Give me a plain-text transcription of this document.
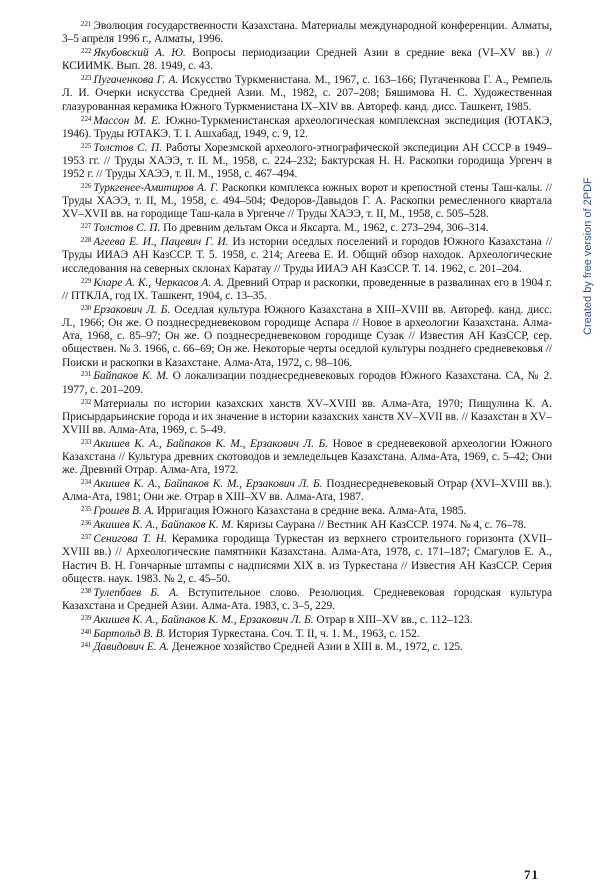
$^{221}$ Эволюция государственности Казахстана. Материалы международной конференции. Алматы, 3–5 апреля 1996 г., Алматы, 1996.

$^{222}$ Якубовский А. Ю. Вопросы периодизации Средней Азии в средние века (VI–XV вв.) // КСИИМК. Вып. 28. 1949, с. 43.

$^{223}$ Пугаченкова Г. А. Искусство Туркменистана. М., 1967, с. 163–166; Пугаченкова Г. А., Ремпель Л. И. Очерки искусства Средней Азии. М., 1982, с. 207–208; Бяшимова Н. С. Художественная глазурованная керамика Южного Туркменистана IX–XIV вв. Автореф. канд. дисс. Ташкент, 1985.

$^{224}$ Массон М. Е. Южно-Туркменистанская археологическая комплексная экспедиция (ЮТАКЭ, 1946). Труды ЮТАКЭ. Т. I. Ашхабад, 1949, с. 9, 12.

$^{225}$ Толстов С. П. Работы Хорезмской археолого-этнографической экспедиции АН СССР в 1949–1953 гг. // Труды ХАЭЭ, т. II. М., 1958, с. 224–232; Бактурская Н. Н. Раскопки городища Ургенч в 1952 г. // Труды ХАЭЭ, т. II. М., 1958, с. 467–494.

$^{226}$ Туркгенее-Амитиров А. Г. Раскопки комплекса южных ворот и крепостной стены Таш-калы. // Труды ХАЭЭ, т. II, М., 1958, с. 494–504; Федоров-Давыдов Г. А. Раскопки ремесленного квартала XV–XVII вв. на городище Таш-кала в Ургенче // Труды ХАЭЭ, т. II, М., 1958, с. 505–528.

$^{227}$ Толстов С. П. По древним дельтам Окса и Яксарта. М., 1962, с. 273–294, 306–314.

$^{228}$ Агеева Е. И., Пацевич Г. И. Из истории оседлых поселений и городов Южного Казахстана // Труды ИИАЭ АН КазССР. Т. 5. 1958, с. 214; Агеева Е. И. Общий обзор находок. Археологические исследования на северных склонах Каратау // Труды ИИАЭ АН КазССР. Т. 14. 1962, с. 201–204.

$^{229}$ Кларе А. К., Черкасов А. А. Древний Отрар и раскопки, проведенные в развалинах его в 1904 г. // ПТКЛА, год IX. Ташкент, 1904, с. 13–35.

$^{230}$ Ерзакович Л. Б. Оседлая культура Южного Казахстана в XIII–XVIII вв. Автореф. канд. дисс. Л., 1966; Он же. О позднесредневековом городище Аспара // Новое в археологии Казахстана. Алма-Ата, 1968, с. 85–97; Он же. О позднесредневековом городище Сузак // Известия АН КазССР, сер. обществен. № 3. 1966, с. 66–69; Он же. Некоторые черты оседлой культуры позднего средневековья // Поиски и раскопки в Казахстане. Алма-Ата, 1972, с. 98–106.

$^{231}$ Байпаков К. М. О локализации позднесредневековых городов Южного Казахстана. СА, № 2. 1977, с. 201–209.

$^{232}$ Материалы по истории казахских ханств XV–XVIII вв. Алма-Ата, 1970; Пищулина К. А. Присырдарьинские города и их значение в истории казахских ханств XV–XVII вв. // Казахстан в XV–XVIII вв. Алма-Ата, 1969, с. 5–49.

$^{233}$ Акишев К. А., Байпаков К. М., Ерзакович Л. Б. Новое в средневековой археологии Южного Казахстана // Культура древних скотоводов и земледельцев Казахстана. Алма-Ата, 1969, с. 5–42; Они же. Древний Отрар. Алма-Ата, 1972.

$^{234}$ Акишев К. А., Байпаков К. М., Ерзакович Л. Б. Позднесредневековый Отрар (XVI–XVIII вв.). Алма-Ата, 1981; Они же. Отрар в XIII–XV вв. Алма-Ата, 1987.

$^{235}$ Грошев В. А. Ирригация Южного Казахстана в средние века. Алма-Ата, 1985.

$^{236}$ Акишев К. А., Байпаков К. М. Кяризы Саурана // Вестник АН КазССР. 1974. № 4, с. 76–78.

$^{237}$ Сенигова Т. Н. Керамика городища Туркестан из верхнего строительного горизонта (XVII–XVIII вв.) // Археологические памятники Казахстана. Алма-Ата, 1978, с. 171–187; Смагулов Е. А., Настич В. Н. Гончарные штампы с надписями XIX в. из Туркестана // Известия АН КазССР. Серия обществ. наук. 1983. № 2, с. 45–50.

$^{238}$ Тулепбаев Б. А. Вступительное слово. Резолюция. Средневековая городская культура Казахстана и Средней Азии. Алма-Ата. 1983, с. 3–5, 229.

$^{239}$ Акишев К. А., Байпаков К. М., Ерзакович Л. Б. Отрар в XIII–XV вв., с. 112–123.

$^{240}$ Бартольд В. В. История Туркестана. Соч. Т. II, ч. 1. М., 1963, с. 152.

$^{241}$ Давидович Е. А. Денежное хозяйство Средней Азии в XIII в. М., 1972, с. 125.

71
Created by free version of 2PDF
